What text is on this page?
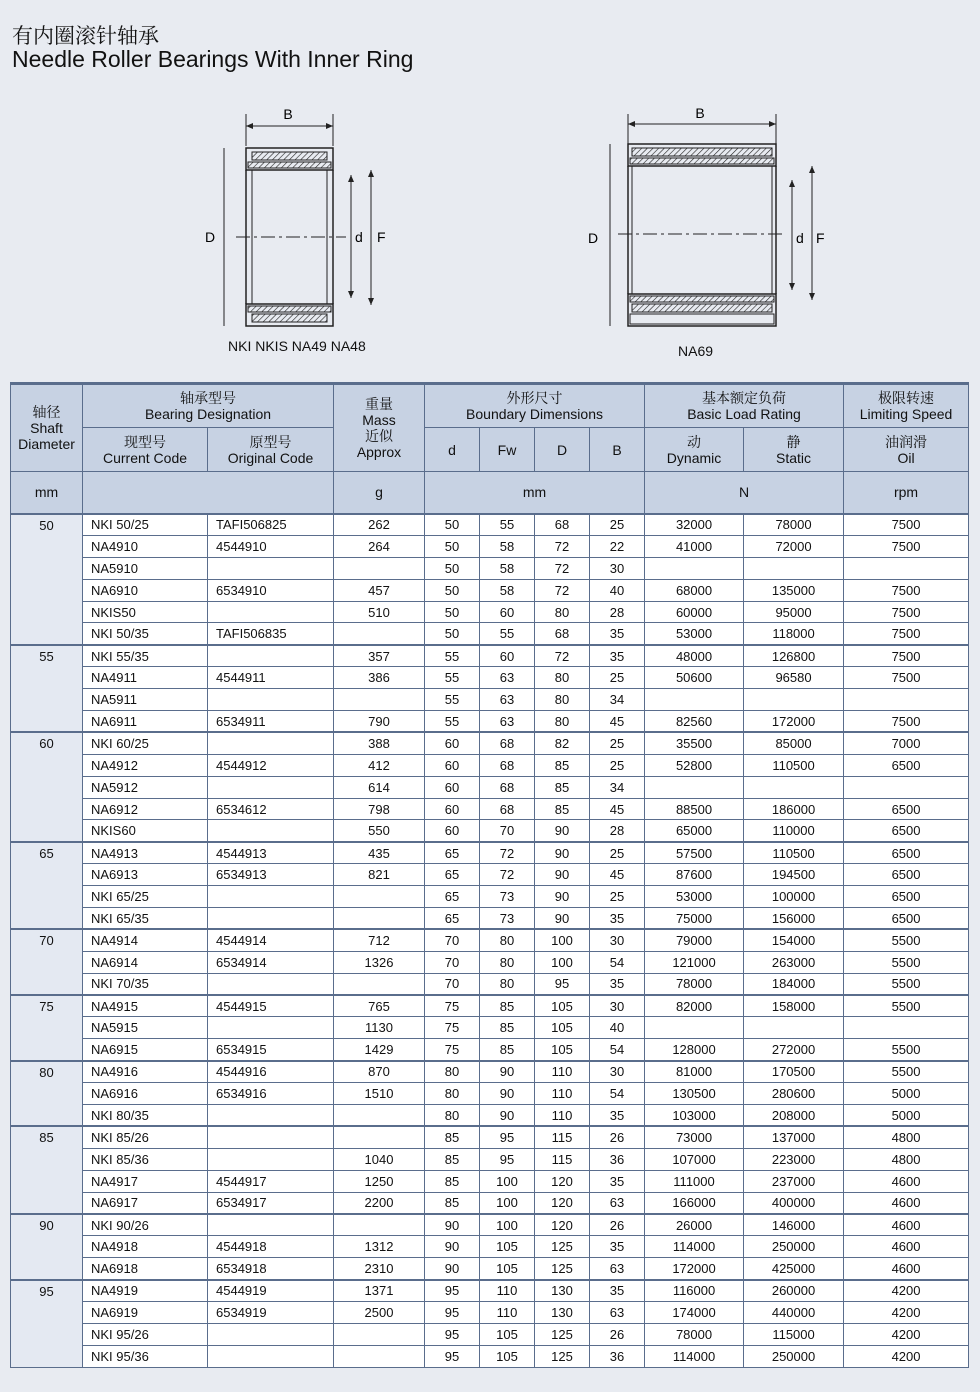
有内圈滚针轴承
Needle Roller Bearings With Inner Ring
B
D	d F
NKI NKIS NA49 NA48
B
D	d F
NA69
轴径
Shaft
Diameter	轴承型号
Bearing Designation		重量
Mass
近似
Approx	外形尺寸
Boundary Dimensions				基本额定负荷
Basic Load Rating		极限转速
Limiting Speed

	现型号
Current Code	原型号
Original Code		d	Fw	D	B	动
Dynamic	静
Static	油润滑
Oil

mm			g	mm				N		rpm
50	NKI 50/25	TAFI506825	262	50	55	68	25	32000	78000	7500
	NA4910	4544910	264	50	58	72	22	41000	72000	7500
	NA5910			50	58	72	30			
	NA6910	6534910	457	50	58	72	40	68000	135000	7500
	NKIS50		510	50	60	80	28	60000	95000	7500
	NKI 50/35	TAFI506835		50	55	68	35	53000	118000	7500
55	NKI 55/35		357	55	60	72	35	48000	126800	7500
	NA4911	4544911	386	55	63	80	25	50600	96580	7500
	NA5911			55	63	80	34			
	NA6911	6534911	790	55	63	80	45	82560	172000	7500
60	NKI 60/25		388	60	68	82	25	35500	85000	7000
	NA4912	4544912	412	60	68	85	25	52800	110500	6500
	NA5912		614	60	68	85	34			
	NA6912	6534612	798	60	68	85	45	88500	186000	6500
	NKIS60		550	60	70	90	28	65000	110000	6500
65	NA4913	4544913	435	65	72	90	25	57500	110500	6500
	NA6913	6534913	821	65	72	90	45	87600	194500	6500
	NKI 65/25			65	73	90	25	53000	100000	6500
	NKI 65/35			65	73	90	35	75000	156000	6500
70	NA4914	4544914	712	70	80	100	30	79000	154000	5500
	NA6914	6534914	1326	70	80	100	54	121000	263000	5500
	NKI 70/35			70	80	95	35	78000	184000	5500
75	NA4915	4544915	765	75	85	105	30	82000	158000	5500
	NA5915		1130	75	85	105	40			
	NA6915	6534915	1429	75	85	105	54	128000	272000	5500
80	NA4916	4544916	870	80	90	110	30	81000	170500	5500
	NA6916	6534916	1510	80	90	110	54	130500	280600	5000
	NKI 80/35			80	90	110	35	103000	208000	5000
85	NKI 85/26			85	95	115	26	73000	137000	4800
	NKI 85/36		1040	85	95	115	36	107000	223000	4800
	NA4917	4544917	1250	85	100	120	35	111000	237000	4600
	NA6917	6534917	2200	85	100	120	63	166000	400000	4600
90	NKI 90/26			90	100	120	26	26000	146000	4600
	NA4918	4544918	1312	90	105	125	35	114000	250000	4600
	NA6918	6534918	2310	90	105	125	63	172000	425000	4600
95	NA4919	4544919	1371	95	110	130	35	116000	260000	4200
	NA6919	6534919	2500	95	110	130	63	174000	440000	4200
	NKI 95/26			95	105	125	26	78000	115000	4200
	NKI 95/36			95	105	125	36	114000	250000	4200
